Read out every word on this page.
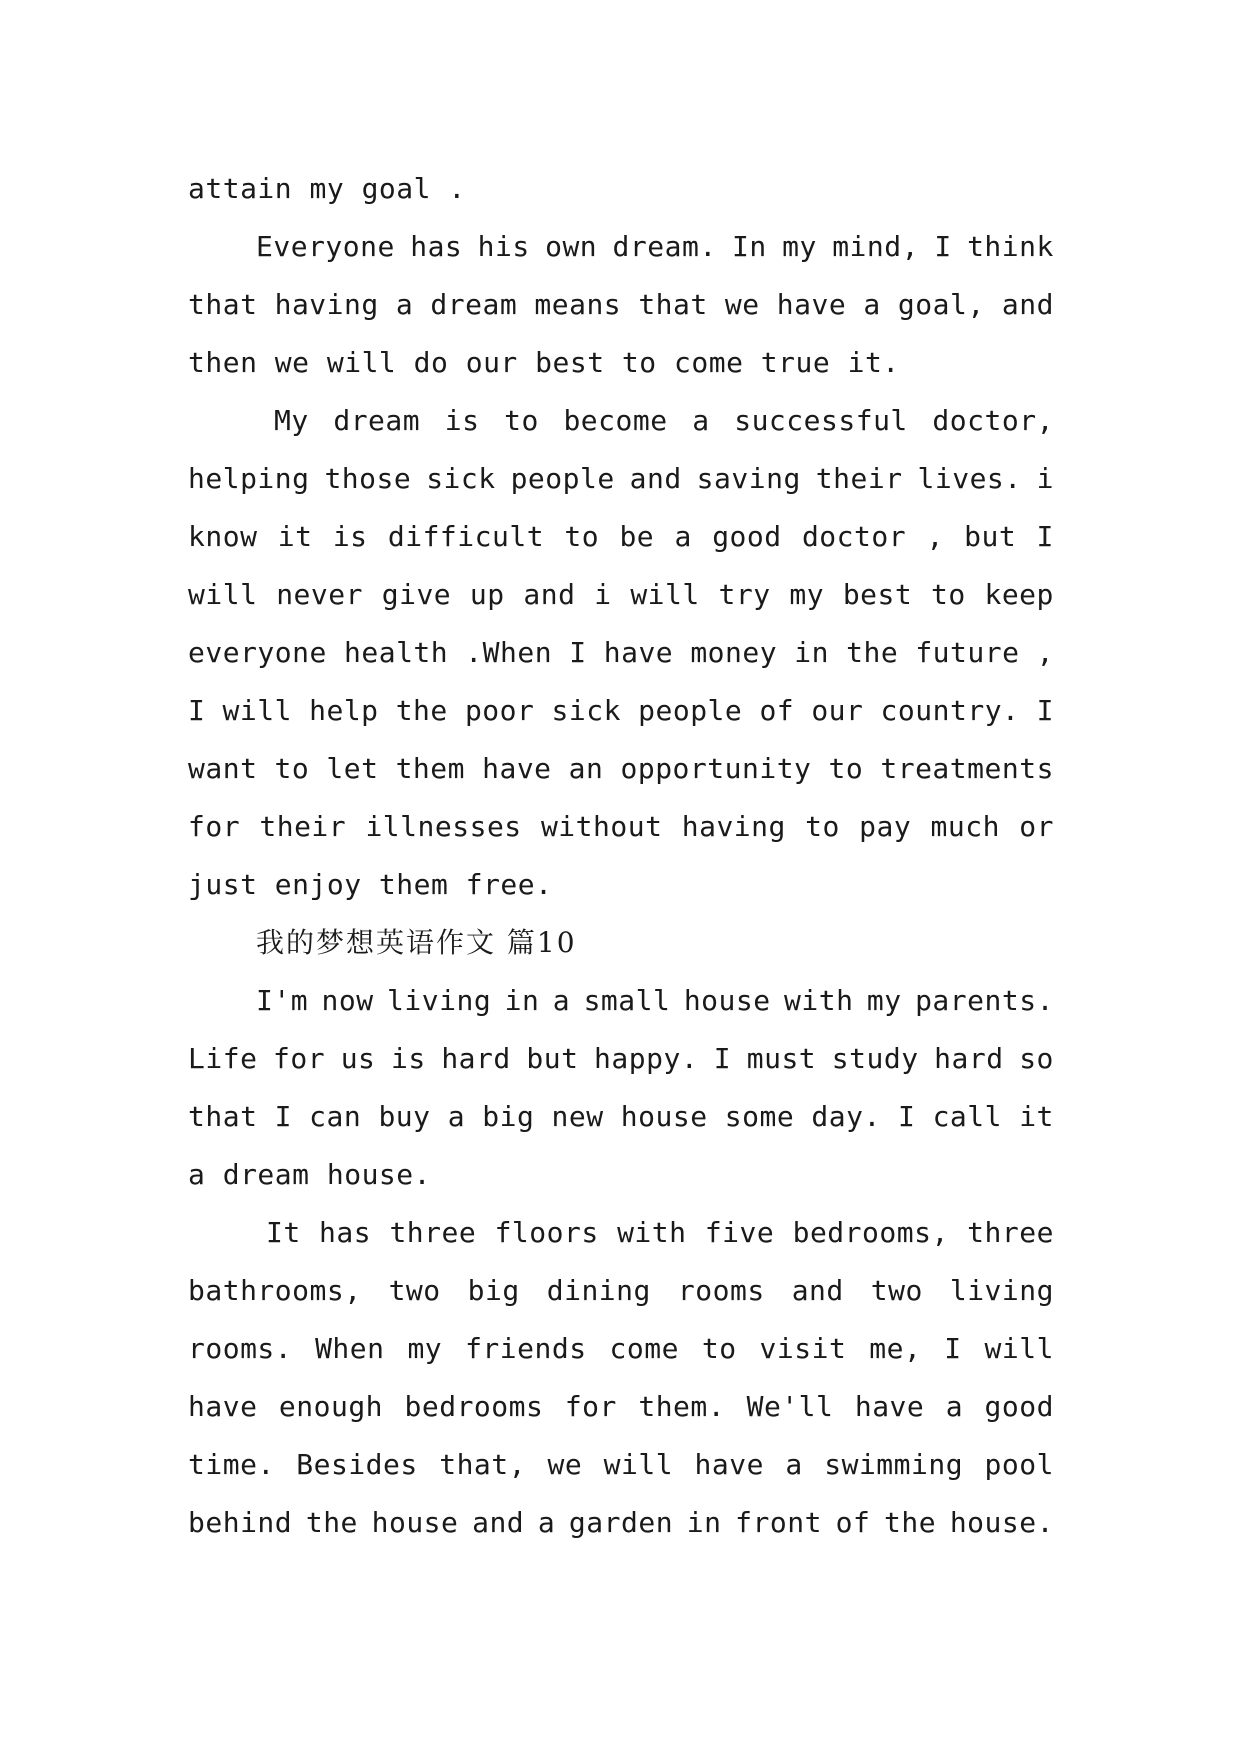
attain my goal .
Everyone has his own dream. In my mind, I think
that having a dream means that we have a goal, and
then we will do our best to come true it.
My dream is to become a successful doctor,
helping those sick people and saving their lives. i
know it is difficult to be a good doctor , but I
will never give up and i will try my best to keep
everyone health .When I have money in the future ,
I will help the poor sick people of our country. I
want to let them have an opportunity to treatments
for their illnesses without having to pay much or
just enjoy them free.
我的梦想英语作文 篇10
I'm now living in a small house with my parents.
Life for us is hard but happy. I must study hard so
that I can buy a big new house some day. I call it
a dream house.
It has three floors with five bedrooms, three
bathrooms, two big dining rooms and two living
rooms. When my friends come to visit me, I will
have enough bedrooms for them. We'll have a good
time. Besides that, we will have a swimming pool
behind the house and a garden in front of the house.
